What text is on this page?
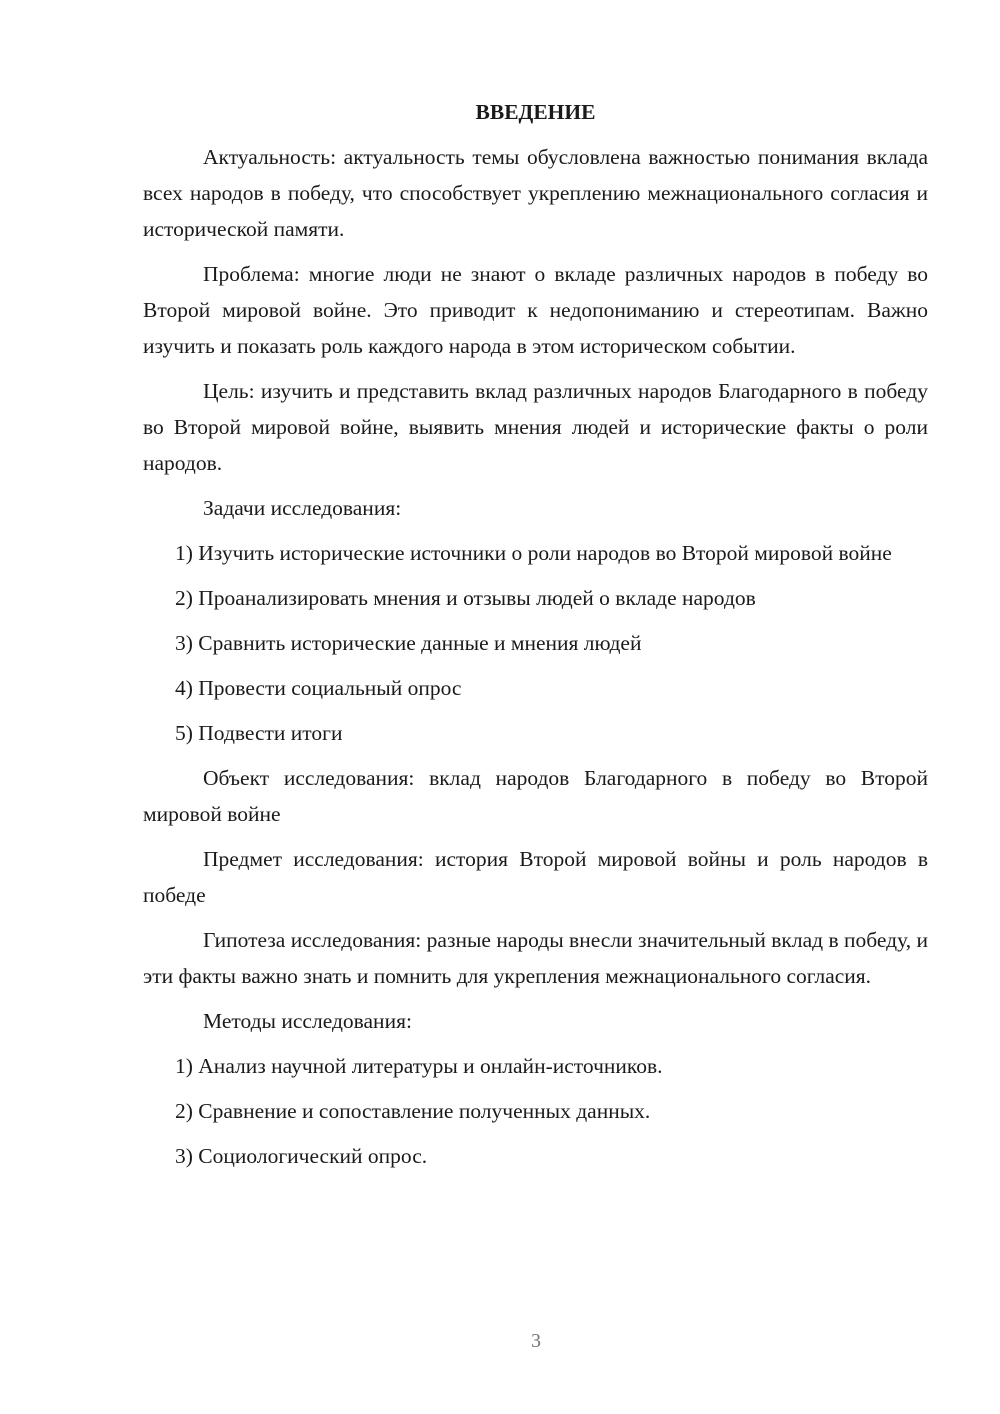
ВВЕДЕНИЕ

Актуальность: актуальность темы обусловлена важностью понимания вклада всех народов в победу, что способствует укреплению межнационального согласия и исторической памяти.

Проблема: многие люди не знают о вкладе различных народов в победу во Второй мировой войне. Это приводит к недопониманию и стереотипам. Важно изучить и показать роль каждого народа в этом историческом событии.

Цель: изучить и представить вклад различных народов Благодарного в победу во Второй мировой войне, выявить мнения людей и исторические факты о роли народов.

Задачи исследования:

1) Изучить исторические источники о роли народов во Второй мировой войне

2) Проанализировать мнения и отзывы людей о вкладе народов

3) Сравнить исторические данные и мнения людей

4) Провести социальный опрос

5) Подвести итоги

Объект исследования: вклад народов Благодарного в победу во Второй мировой войне

Предмет исследования: история Второй мировой войны и роль народов в победе

Гипотеза исследования: разные народы внесли значительный вклад в победу, и эти факты важно знать и помнить для укрепления межнационального согласия.

Методы исследования:

1) Анализ научной литературы и онлайн-источников.

2) Сравнение и сопоставление полученных данных.

3) Социологический опрос.

3
